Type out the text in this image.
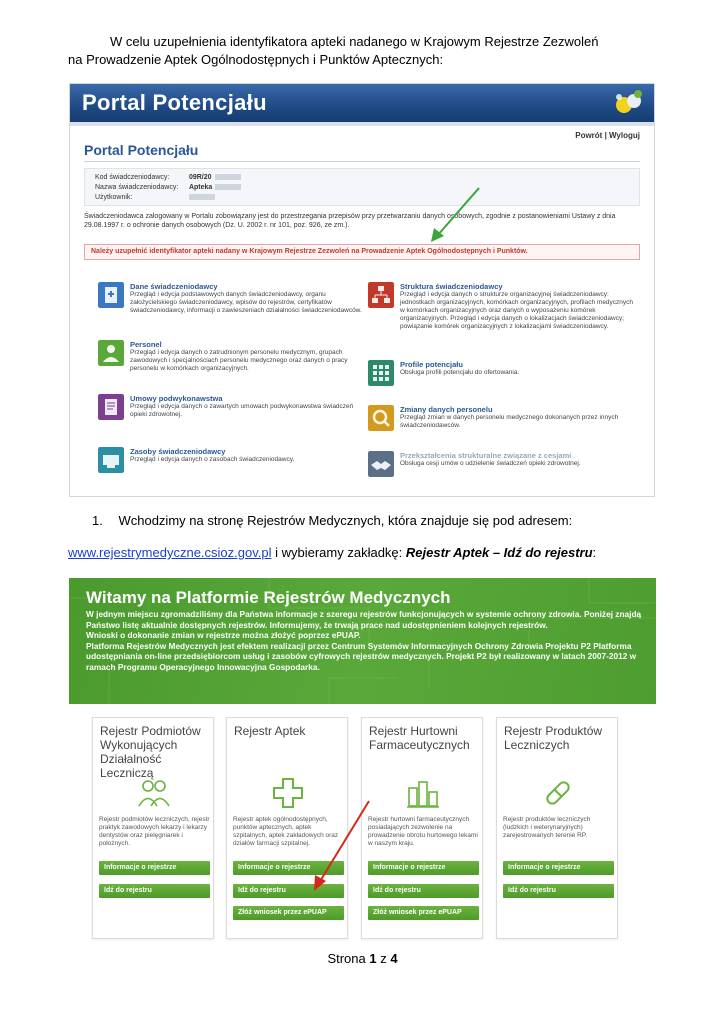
W celu uzupełnienia identyfikatora apteki nadanego w Krajowym Rejestrze Zezwoleń
na Prowadzenie Aptek Ogólnodostępnych i Punktów Aptecznych:
Portal Potencjału
Powrót | Wyloguj
Portal Potencjału
Kod świadczeniodawcy:	09R/20
Nazwa świadczeniodawcy: Apteka
Użytkownik:
Świadczeniodawca zalogowany w Portalu zobowiązany jest do przestrzegania przepisów przy przetwarzaniu danych osobowych, zgodnie z postanowieniami Ustawy z dnia 29.08.1997 r. o ochronie danych osobowych (Dz. U. 2002 r. nr 101, poz. 926, ze zm.).
Należy uzupełnić identyfikator apteki nadany w Krajowym Rejestrze Zezwoleń na Prowadzenie Aptek Ogólnodostępnych i Punktów.
Dane świadczeniodawcy
Przegląd i edycja podstawowych danych świadczeniodawcy, organu założycielskiego świadczeniodawcy, wpisów do rejestrów, certyfikatów świadczeniodawcy, informacji o zawieszeniach działalności świadczeniodawców.
Personel
Przegląd i edycja danych o zatrudnionym personelu medycznym, grupach zawodowych i specjalnościach personelu medycznego oraz danych o pracy personelu w komórkach organizacyjnych.
Umowy podwykonawstwa
Przegląd i edycja danych o zawartych umowach podwykonawstwa świadczeń opieki zdrowotnej.
Zasoby świadczeniodawcy
Przegląd i edycja danych o zasobach świadczeniodawcy.
Struktura świadczeniodawcy
Przegląd i edycja danych o strukturze organizacyjnej świadczeniodawcy: jednostkach organizacyjnych, komórkach organizacyjnych, profilach medycznych w komórkach organizacyjnych oraz danych o wyposażeniu komórek organizacyjnych. Przegląd i edycja danych o lokalizacjach świadczeniodawcy; powiązanie komórek organizacyjnych z lokalizacjami świadczeniodawcy.
Profile potencjału
Obsługa profili potencjału do ofertowania.
Zmiany danych personelu
Przegląd zmian w danych personelu medycznego dokonanych przez innych świadczeniodawców.
Przekształcenia strukturalne związane z cesjami
Obsługa cesji umów o udzielenie świadczeń opieki zdrowotnej.
1. Wchodzimy na stronę Rejestrów Medycznych, która znajduje się pod adresem:
www.rejestrymedyczne.csioz.gov.pl i wybieramy zakładkę: Rejestr Aptek – Idź do rejestru:
Witamy na Platformie Rejestrów Medycznych
W jednym miejscu zgromadziliśmy dla Państwa informacje z szeregu rejestrów funkcjonujących w systemie ochrony zdrowia. Poniżej znajdą Państwo listę aktualnie dostępnych rejestrów. Informujemy, że trwają prace nad udostępnieniem kolejnych rejestrów.
Wnioski o dokonanie zmian w rejestrze można złożyć poprzez ePUAP.
Platforma Rejestrów Medycznych jest efektem realizacji przez Centrum Systemów Informacyjnych Ochrony Zdrowia Projektu P2 Platforma udostępniania on-line przedsiębiorcom usług i zasobów cyfrowych rejestrów medycznych. Projekt P2 był realizowany w latach 2007-2012 w ramach Programu Operacyjnego Innowacyjna Gospodarka.
Rejestr Podmiotów Wykonujących Działalność Leczniczą
Rejestr podmiotów leczniczych, rejestr praktyk zawodowych lekarzy i lekarzy dentystów oraz pielęgniarek i położnych.
Informacje o rejestrze
Idź do rejestru
Rejestr Aptek
Rejestr aptek ogólnodostępnych, punktów aptecznych, aptek szpitalnych, aptek zakładowych oraz działów farmacji szpitalnej.
Informacje o rejestrze
Idź do rejestru
Złóż wniosek przez ePUAP
Rejestr Hurtowni Farmaceutycznych
Rejestr hurtowni farmaceutycznych posiadających zezwolenie na prowadzenie obrotu hurtowego lekami w naszym kraju.
Informacje o rejestrze
Idź do rejestru
Złóż wniosek przez ePUAP
Rejestr Produktów Leczniczych
Rejestr produktów leczniczych (ludzkich i weterynaryjnych) zarejestrowanych terenie RP.
Informacje o rejestrze
Idź do rejestru
Strona 1 z 4
